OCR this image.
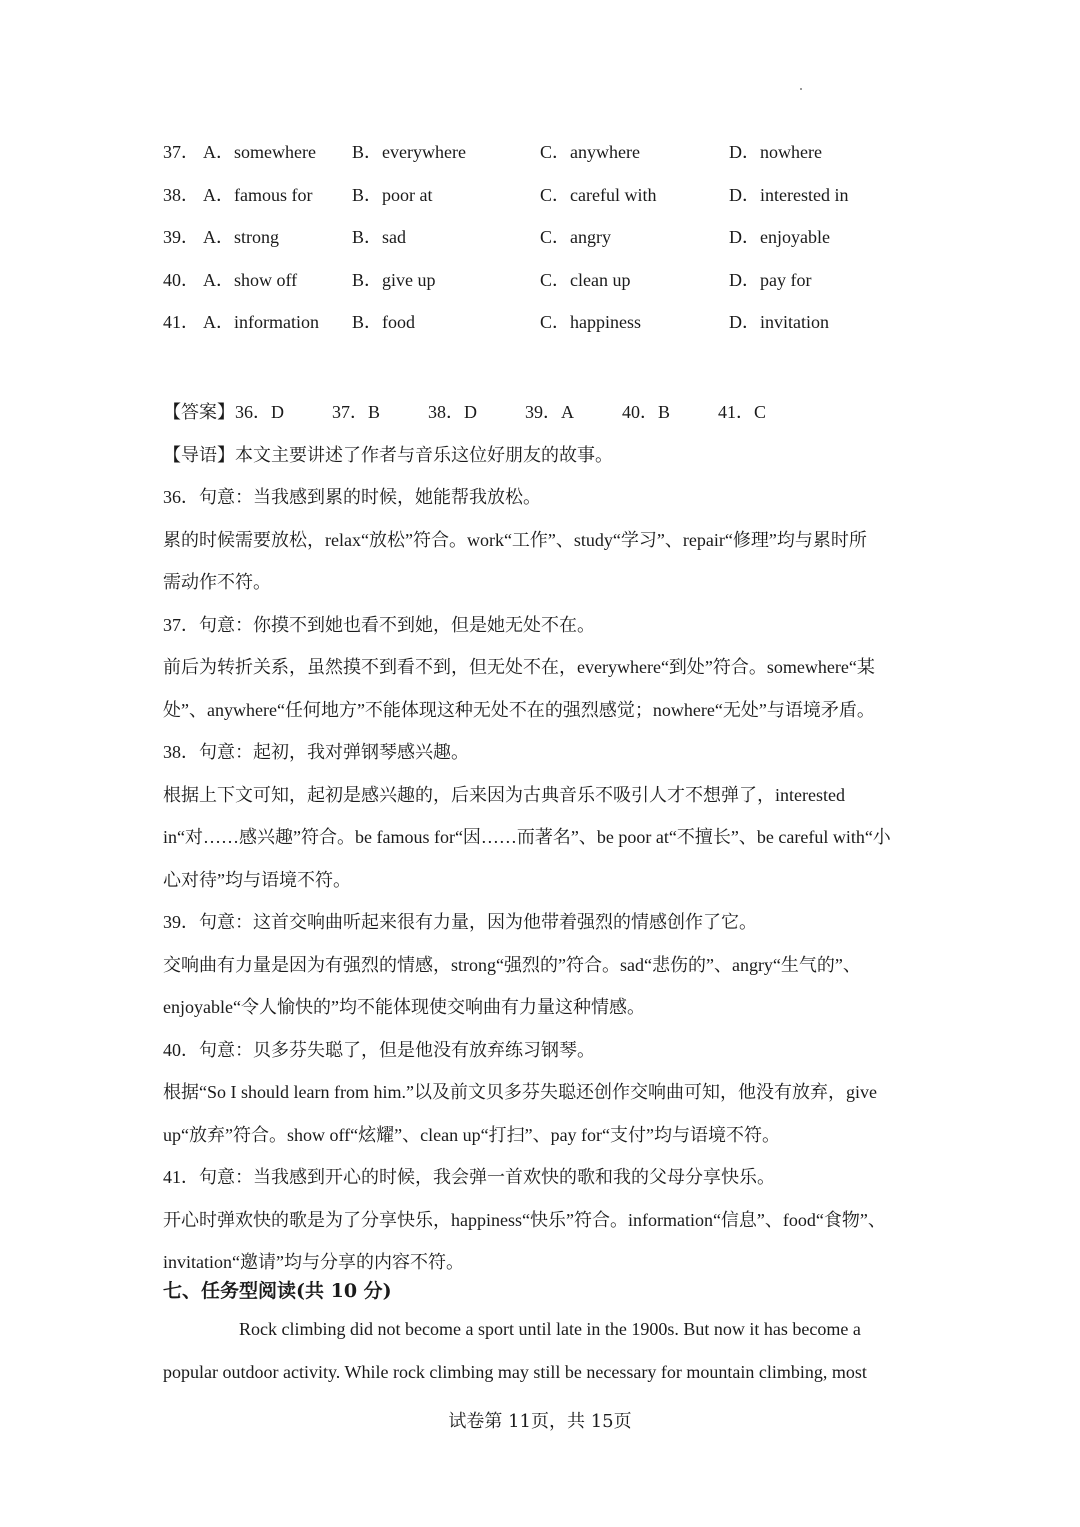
37． A．somewhere B．everywhere	C．anywhere	D．nowhere
38． A．famous for B．poor at	C．careful with	D．interested in
39． A．strong	B．sad	C．angry	D．enjoyable
40． A．show off	B．give up	C．clean up	D．pay for
41． A．information B．food	C．happiness	D．invitation
【答案】36．D	37．B	38．D	39．A	40．B	41．C
【导语】本文主要讲述了作者与音乐这位好朋友的故事。
36．句意：当我感到累的时候，她能帮我放松。
累的时候需要放松，relax“放松”符合。work“工作”、study“学习”、repair“修理”均与累时所
需动作不符。
37．句意：你摸不到她也看不到她，但是她无处不在。
前后为转折关系，虽然摸不到看不到，但无处不在，everywhere“到处”符合。somewhere“某
处”、anywhere“任何地方”不能体现这种无处不在的强烈感觉；nowhere“无处”与语境矛盾。
38．句意：起初，我对弹钢琴感兴趣。
根据上下文可知，起初是感兴趣的，后来因为古典音乐不吸引人才不想弹了，interested
in“对……感兴趣”符合。be famous for“因……而著名”、be poor at“不擅长”、be careful with“小
心对待”均与语境不符。
39．句意：这首交响曲听起来很有力量，因为他带着强烈的情感创作了它。
交响曲有力量是因为有强烈的情感，strong“强烈的”符合。sad“悲伤的”、angry“生气的”、
enjoyable“令人愉快的”均不能体现使交响曲有力量这种情感。
40．句意：贝多芬失聪了，但是他没有放弃练习钢琴。
根据“So I should learn from him.”以及前文贝多芬失聪还创作交响曲可知，他没有放弃，give
up“放弃”符合。show off“炫耀”、clean up“打扫”、pay for“支付”均与语境不符。
41．句意：当我感到开心的时候，我会弹一首欢快的歌和我的父母分享快乐。
开心时弹欢快的歌是为了分享快乐，happiness“快乐”符合。information“信息”、food“食物”、
invitation“邀请”均与分享的内容不符。
七、任务型阅读(共 10 分)
Rock climbing did not become a sport until late in the 1900s. But now it has become a
popular outdoor activity. While rock climbing may still be necessary for mountain climbing, most
试卷第 11页，共 15页
